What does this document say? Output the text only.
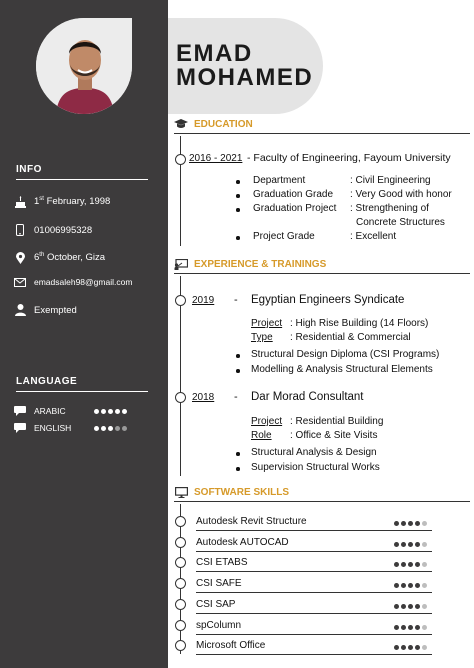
INFO
1st February, 1998
01006995328
6th October, Giza
emadsaleh98@gmail.com
Exempted
LANGUAGE
ARABIC
ENGLISH
EMAD
MOHAMED
EDUCATION
2016 - 2021 - Faculty of Engineering, Fayoum University
Department	: Civil Engineering
Graduation Grade : Very Good with honor
Graduation Project : Strengthening of
Concrete Structures
Project Grade	: Excellent
EXPERIENCE & TRAININGS
2019 - Egyptian Engineers Syndicate
Project : High Rise Building (14 Floors)
Type : Residential & Commercial
Structural Design Diploma (CSI Programs)
Modelling & Analysis Structural Elements
2018 - Dar Morad Consultant
Project : Residential Building
Role : Office & Site Visits
Structural Analysis & Design
Supervision Structural Works
SOFTWARE SKILLS
Autodesk Revit Structure
Autodesk AUTOCAD
CSI ETABS
CSI SAFE
CSI SAP
spColumn
Microsoft Office
